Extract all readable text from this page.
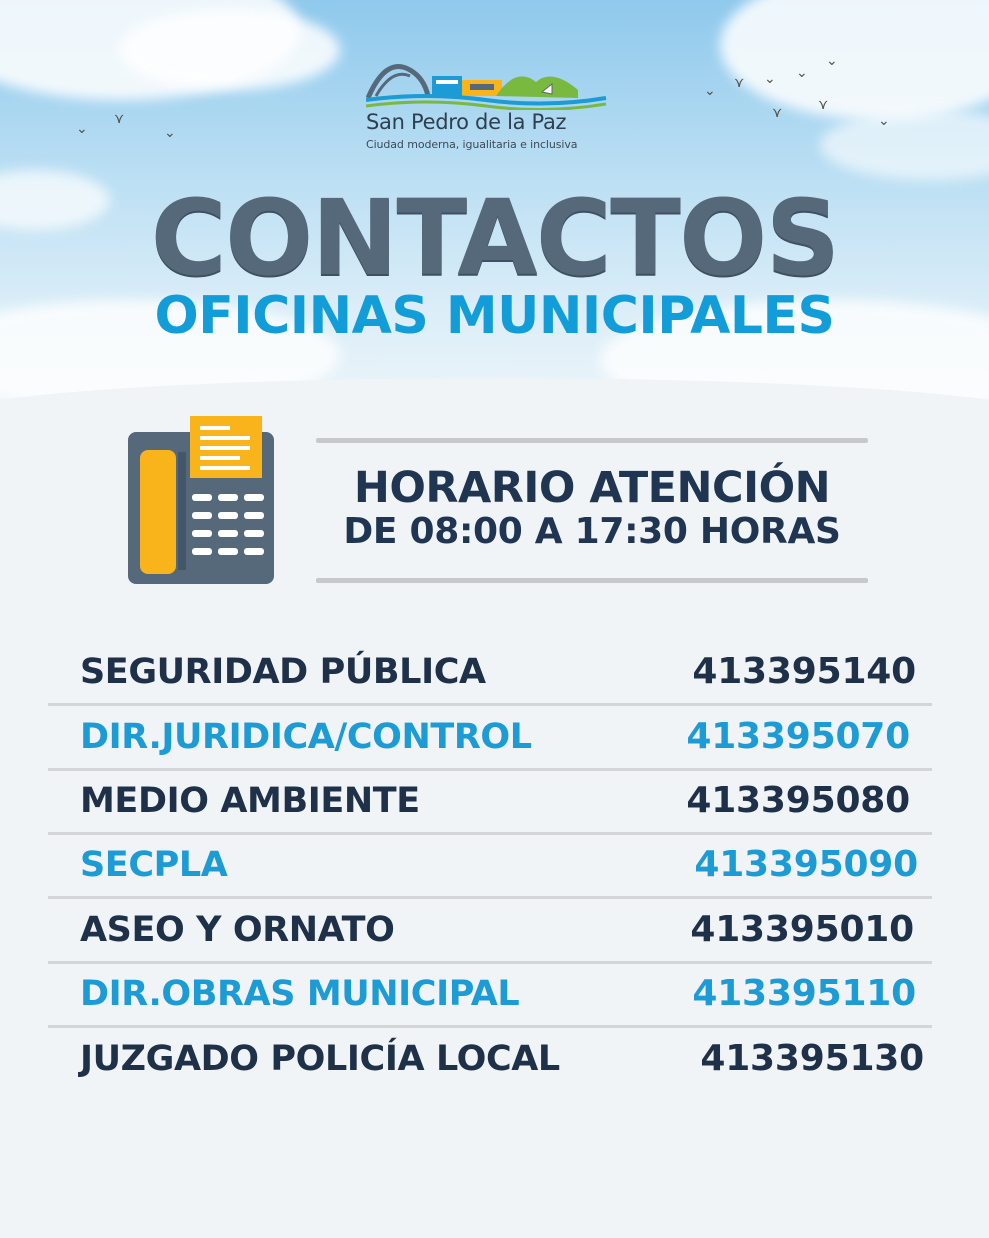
⌄
⋎
⌄
⌄ ⋎ ⌄ ⌄
⌄
⋎	⋎
⌄
San Pedro de la Paz
Ciudad moderna, igualitaria e inclusiva
CONTACTOS
OFICINAS MUNICIPALES
HORARIO ATENCIÓN
DE 08:00 A 17:30 HORAS
SEGURIDAD PÚBLICA	413395140
DIR.JURIDICA/CONTROL	413395070
MEDIO AMBIENTE	413395080
SECPLA	413395090
ASEO Y ORNATO	413395010
DIR.OBRAS MUNICIPAL	413395110
JUZGADO POLICÍA LOCAL	413395130
